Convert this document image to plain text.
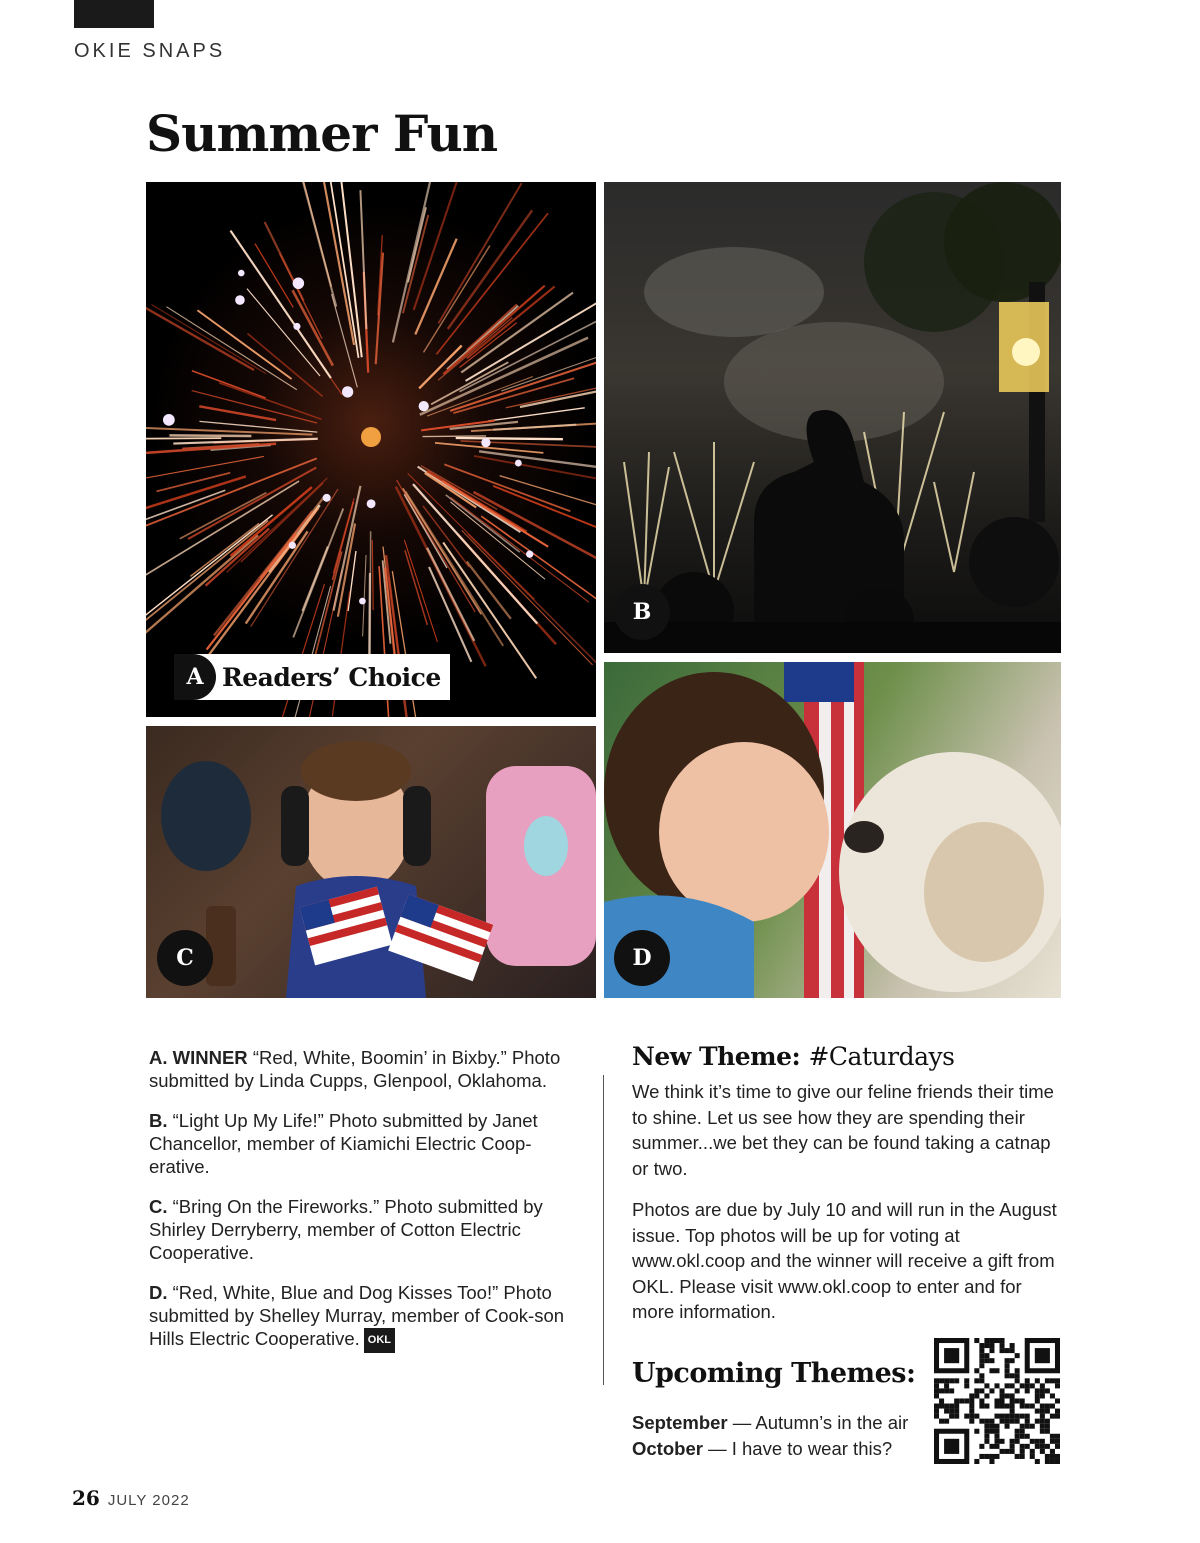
OKIE SNAPS
Summer Fun
A Readers’ Choice
B
C	D

A. WINNER “Red, White, Boomin’ in Bixby.” Photo submitted by Linda Cupps, Glenpool, Oklahoma.

B. “Light Up My Life!” Photo submitted by Janet Chancellor, member of Kiamichi Electric Coop-erative.

C. “Bring On the Fireworks.” Photo submitted by Shirley Derryberry, member of Cotton Electric Cooperative.

D. “Red, White, Blue and Dog Kisses Too!” Photo submitted by Shelley Murray, member of Cook-son Hills Electric Cooperative. OKL

New Theme: #Caturdays

We think it’s time to give our feline friends their time to shine. Let us see how they are spending their summer...we bet they can be found taking a catnap or two.

Photos are due by July 10 and will run in the August issue. Top photos will be up for voting at www.okl.coop and the winner will receive a gift from OKL. Please visit www.okl.coop to enter and for more information.

Upcoming Themes:
September — Autumn’s in the air
October — I have to wear this?
26 JULY 2022
